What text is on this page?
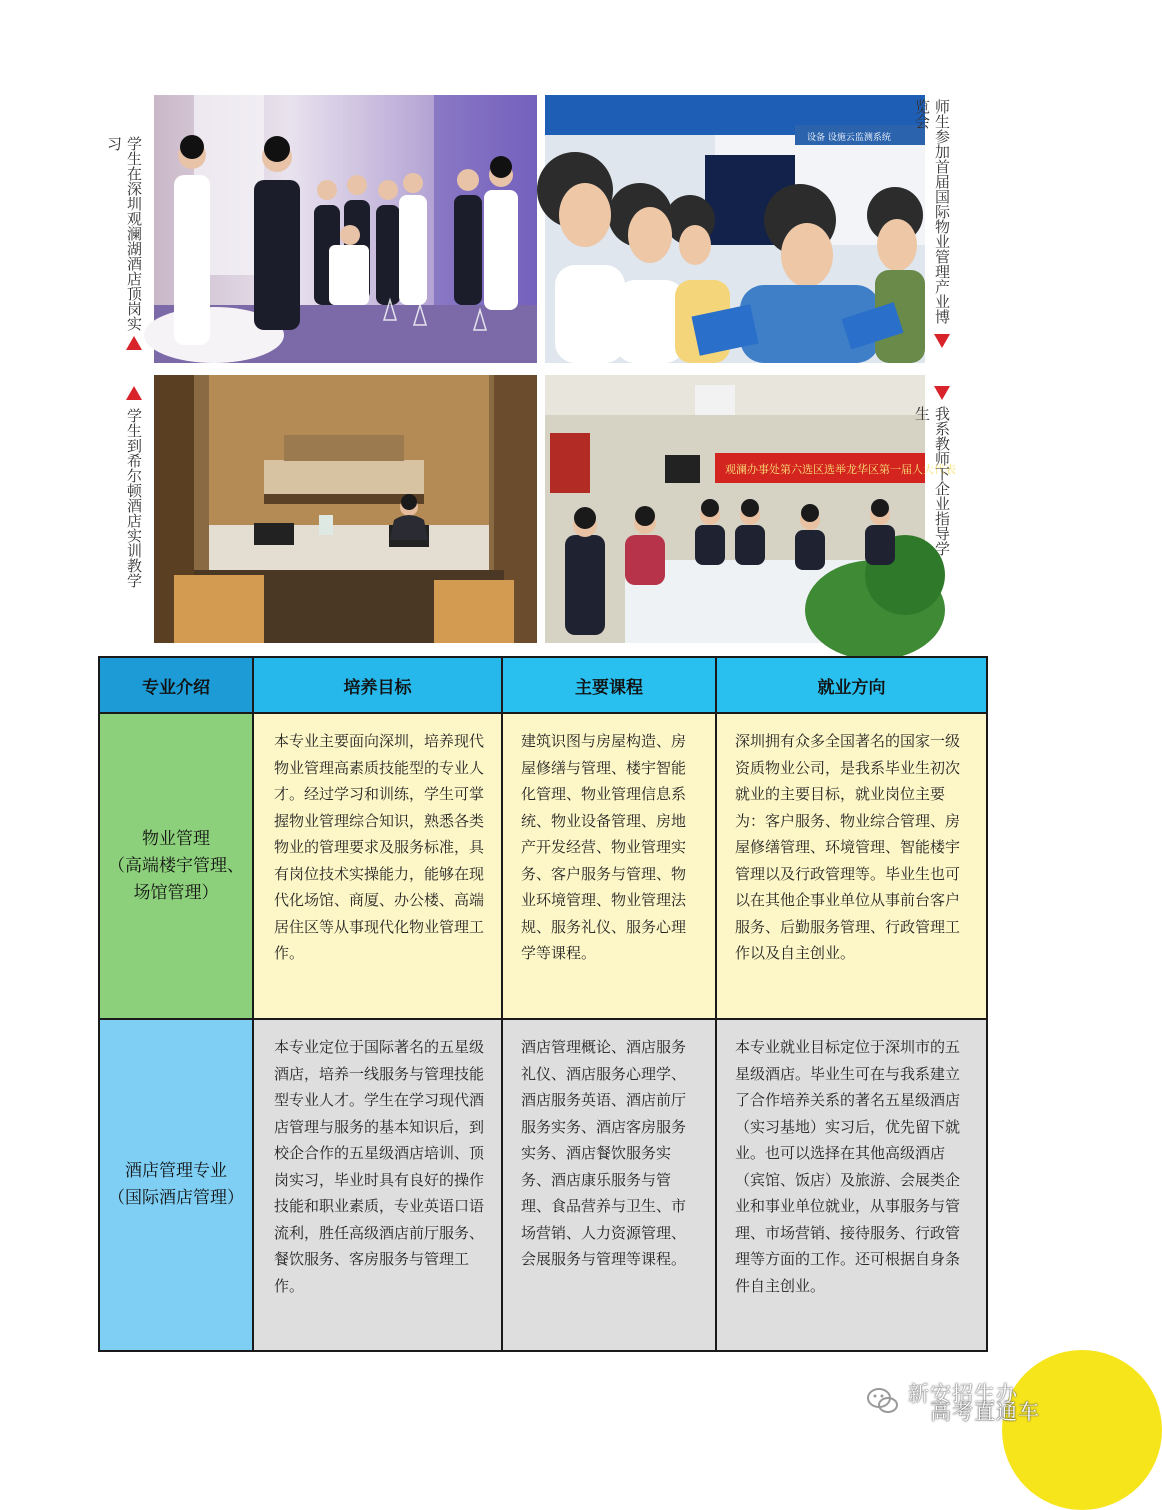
学生在深圳观澜湖酒店顶岗实习	设备 设施云监测系统	师生参加首届国际物业管理产业博览会
学生到希尔顿酒店实训教学	观澜办事处第六选区选举龙华区第一届人大代表
我系教师下企业指导学生
专业介绍	培养目标	主要课程	就业方向

物业管理
（高端楼宇管理、
场馆管理）	本专业主要面向深圳，培养现代物业管理高素质技能型的专业人才。经过学习和训练，学生可掌握物业管理综合知识，熟悉各类物业的管理要求及服务标准，具有岗位技术实操能力，能够在现代化场馆、商厦、办公楼、高端居住区等从事现代化物业管理工作。	建筑识图与房屋构造、房屋修缮与管理、楼宇智能化管理、物业管理信息系统、物业设备管理、房地产开发经营、物业管理实务、客户服务与管理、物业环境管理、物业管理法规、服务礼仪、服务心理学等课程。	深圳拥有众多全国著名的国家一级资质物业公司，是我系毕业生初次就业的主要目标，就业岗位主要为：客户服务、物业综合管理、房屋修缮管理、环境管理、智能楼宇管理以及行政管理等。毕业生也可以在其他企事业单位从事前台客户服务、后勤服务管理、行政管理工作以及自主创业。

酒店管理专业
（国际酒店管理）	本专业定位于国际著名的五星级酒店，培养一线服务与管理技能型专业人才。学生在学习现代酒店管理与服务的基本知识后，到校企合作的五星级酒店培训、顶岗实习，毕业时具有良好的操作技能和职业素质，专业英语口语流利，胜任高级酒店前厅服务、餐饮服务、客房服务与管理工作。	酒店管理概论、酒店服务礼仪、酒店服务心理学、酒店服务英语、酒店前厅服务实务、酒店客房服务实务、酒店餐饮服务实务、酒店康乐服务与管理、食品营养与卫生、市场营销、人力资源管理、会展服务与管理等课程。	本专业就业目标定位于深圳市的五星级酒店。毕业生可在与我系建立了合作培养关系的著名五星级酒店（实习基地）实习后，优先留下就业。也可以选择在其他高级酒店（宾馆、饭店）及旅游、会展类企业和事业单位就业，从事服务与管理、市场营销、接待服务、行政管理等方面的工作。还可根据自身条件自主创业。
新安招生办
高考直通车
